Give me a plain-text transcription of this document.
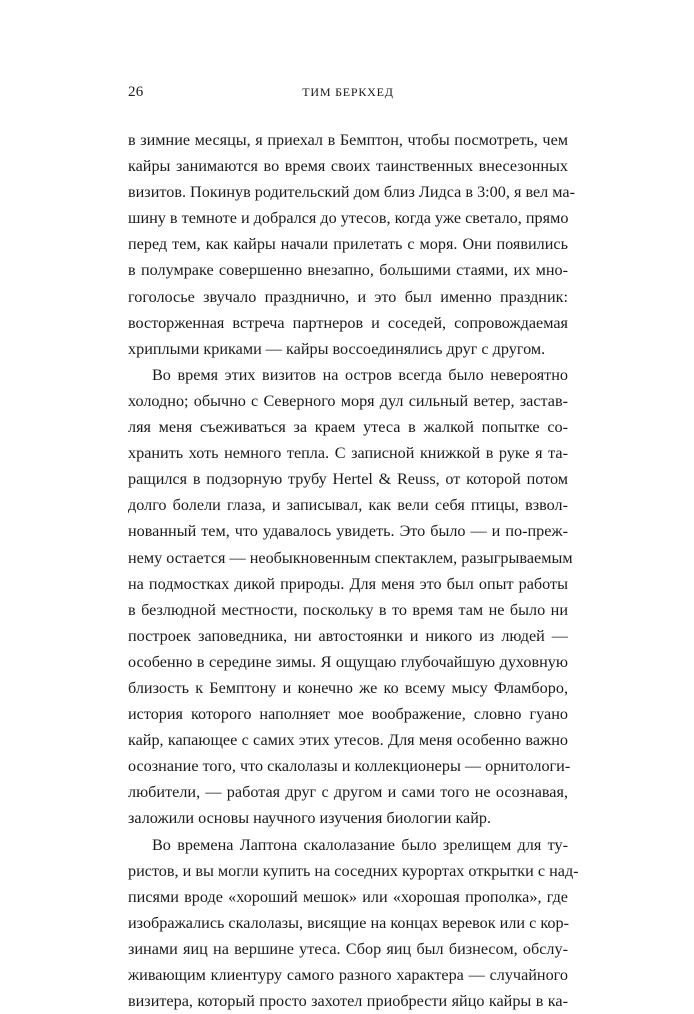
26	ТИМ БЕРКХЕД
в зимние месяцы, я приехал в Бемптон, чтобы посмотреть, чем
кайры занимаются во время своих таинственных внесезонных
визитов. Покинув родительский дом близ Лидса в 3:00, я вел ма-
шину в темноте и добрался до утесов, когда уже светало, прямо
перед тем, как кайры начали прилетать с моря. Они появились
в полумраке совершенно внезапно, большими стаями, их мно-
гоголосье звучало празднично, и это был именно праздник:
восторженная встреча партнеров и соседей, сопровождаемая
хриплыми криками — кайры воссоединялись друг с другом.
Во время этих визитов на остров всегда было невероятно
холодно; обычно с Северного моря дул сильный ветер, застав-
ляя меня съеживаться за краем утеса в жалкой попытке со-
хранить хоть немного тепла. С записной книжкой в руке я та-
ращился в подзорную трубу Hertel & Reuss, от которой потом
долго болели глаза, и записывал, как вели себя птицы, взвол-
нованный тем, что удавалось увидеть. Это было — и по-преж-
нему остается — необыкновенным спектаклем, разыгрываемым
на подмостках дикой природы. Для меня это был опыт работы
в безлюдной местности, поскольку в то время там не было ни
построек заповедника, ни автостоянки и никого из людей —
особенно в середине зимы. Я ощущаю глубочайшую духовную
близость к Бемптону и конечно же ко всему мысу Фламборо,
история которого наполняет мое воображение, словно гуано
кайр, капающее с самих этих утесов. Для меня особенно важно
осознание того, что скалолазы и коллекционеры — орнитологи-
любители, — работая друг с другом и сами того не осознавая,
заложили основы научного изучения биологии кайр.
Во времена Лаптона скалолазание было зрелищем для ту-
ристов, и вы могли купить на соседних курортах открытки с над-
писями вроде «хороший мешок» или «хорошая прополка», где
изображались скалолазы, висящие на концах веревок или с кор-
зинами яиц на вершине утеса. Сбор яиц был бизнесом, обслу-
живающим клиентуру самого разного характера — случайного
визитера, который просто захотел приобрести яйцо кайры в ка-
